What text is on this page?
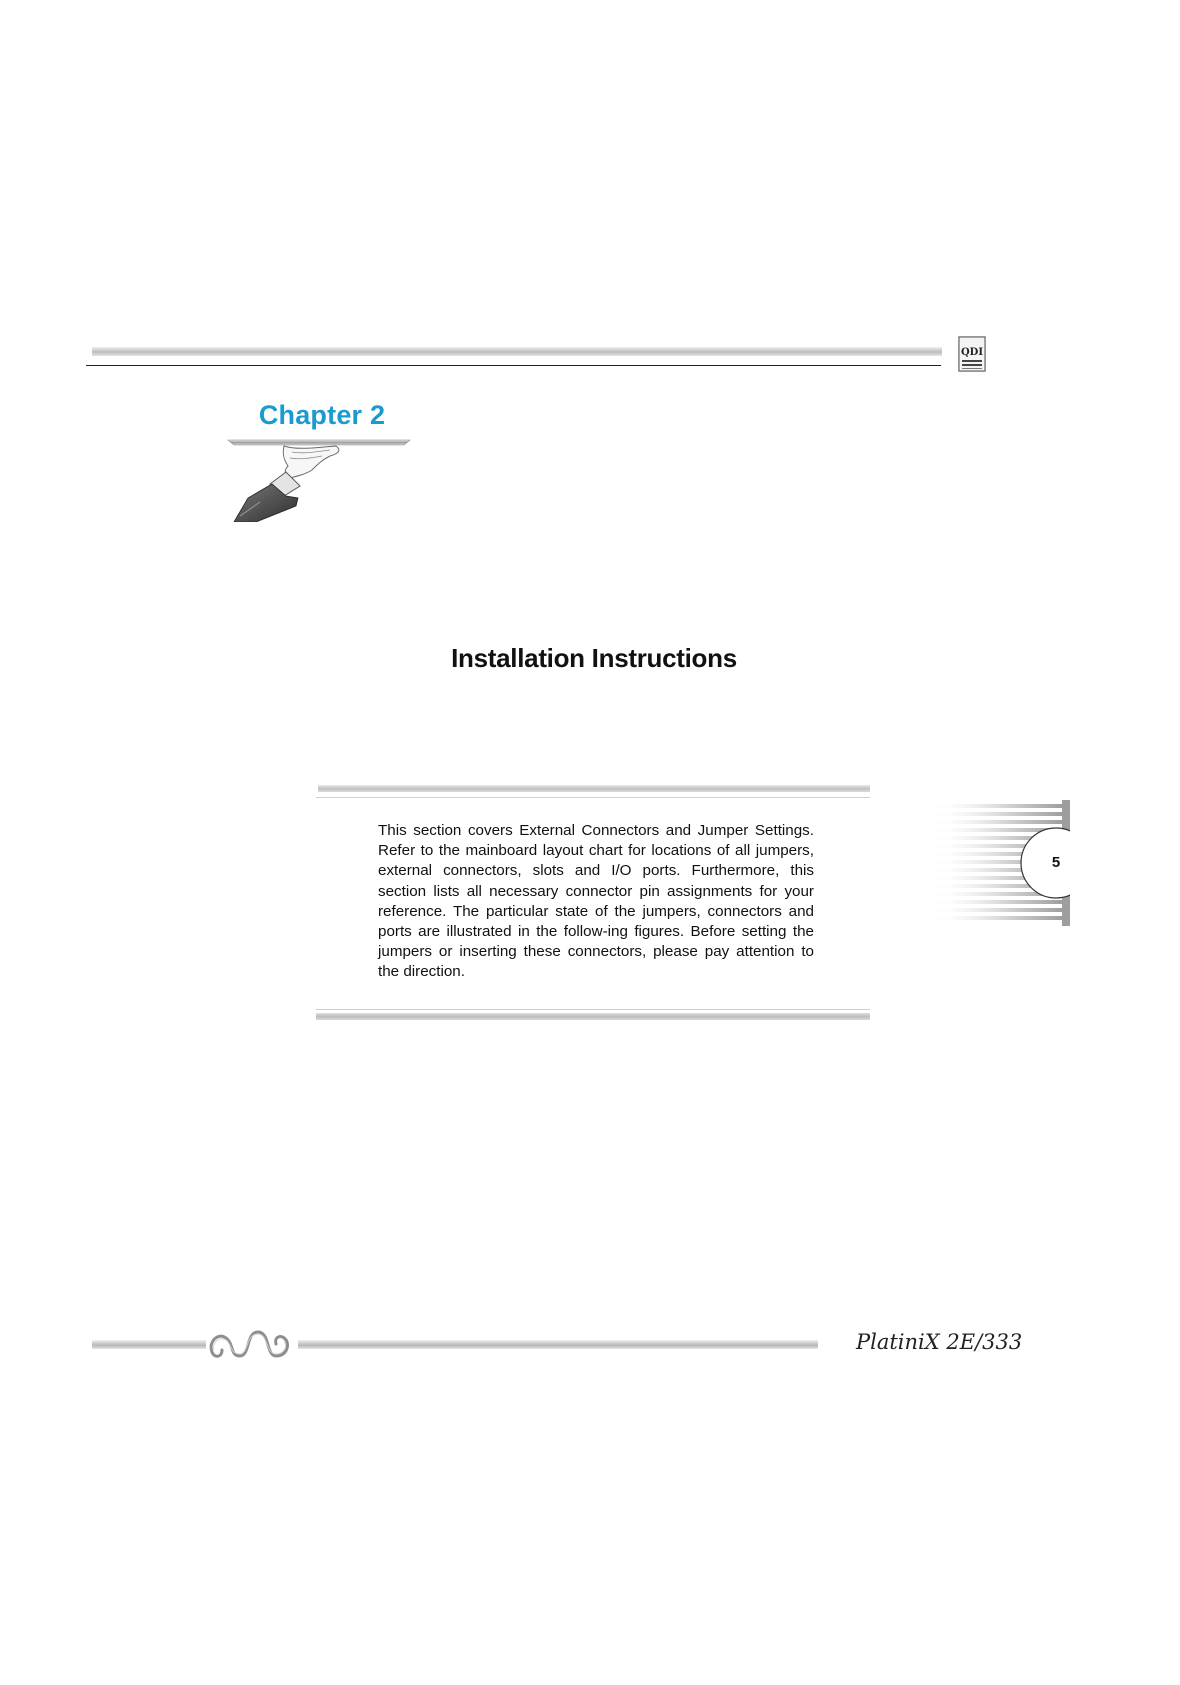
QDI
Chapter 2
Installation Instructions
This section covers External Connectors and Jumper Settings. Refer to the mainboard layout chart for locations of all jumpers, external connectors, slots and I/O ports. Furthermore, this section lists all necessary connector pin assignments for your reference. The particular state of the jumpers, connectors and ports are illustrated in the follow-ing figures. Before setting the jumpers or inserting these connectors, please pay attention to the direction.
5
PlatiniX 2E/333
